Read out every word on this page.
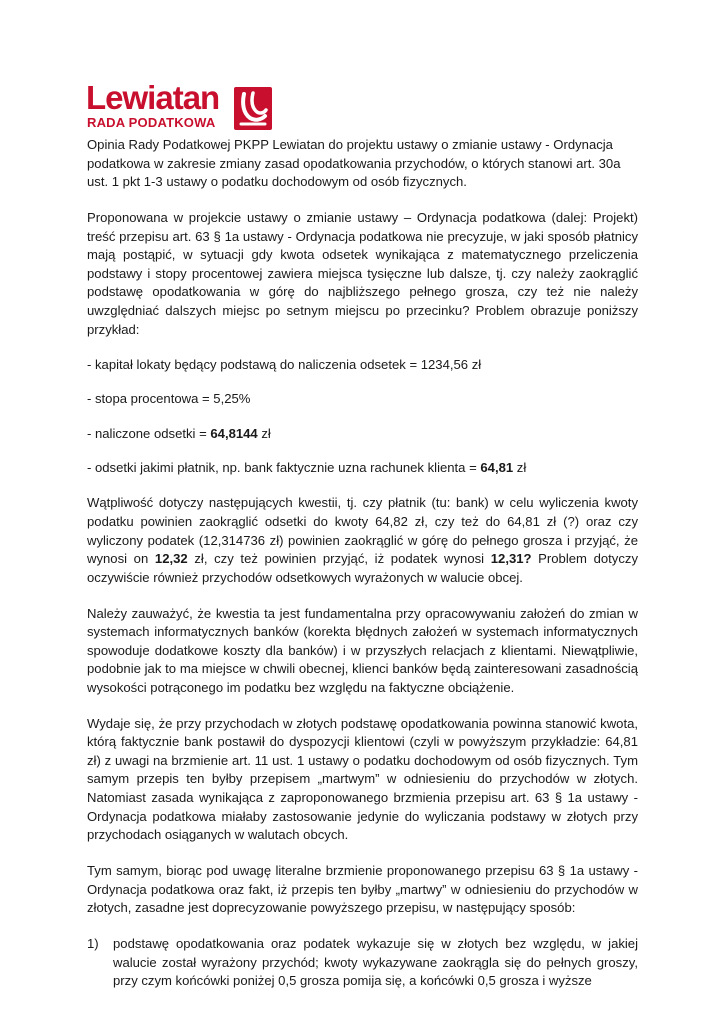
Lewiatan
RADA PODATKOWA

Opinia Rady Podatkowej PKPP Lewiatan do projektu ustawy o zmianie ustawy - Ordynacja podatkowa w zakresie zmiany zasad opodatkowania przychodów, o których stanowi art. 30a ust. 1 pkt 1-3 ustawy o podatku dochodowym od osób fizycznych.

Proponowana w projekcie ustawy o zmianie ustawy – Ordynacja podatkowa (dalej: Projekt) treść przepisu art. 63 § 1a ustawy - Ordynacja podatkowa nie precyzuje, w jaki sposób płatnicy mają postąpić, w sytuacji gdy kwota odsetek wynikająca z matematycznego przeliczenia podstawy i stopy procentowej zawiera miejsca tysięczne lub dalsze, tj. czy należy zaokrąglić podstawę opodatkowania w górę do najbliższego pełnego grosza, czy też nie należy uwzględniać dalszych miejsc po setnym miejscu po przecinku? Problem obrazuje poniższy przykład:

- kapitał lokaty będący podstawą do naliczenia odsetek = 1234,56 zł

- stopa procentowa = 5,25%

- naliczone odsetki = 64,8144 zł

- odsetki jakimi płatnik, np. bank faktycznie uzna rachunek klienta = 64,81 zł

Wątpliwość dotyczy następujących kwestii, tj. czy płatnik (tu: bank) w celu wyliczenia kwoty podatku powinien zaokrąglić odsetki do kwoty 64,82 zł, czy też do 64,81 zł (?) oraz czy wyliczony podatek (12,314736 zł) powinien zaokrąglić w górę do pełnego grosza i przyjąć, że wynosi on 12,32 zł, czy też powinien przyjąć, iż podatek wynosi 12,31? Problem dotyczy oczywiście również przychodów odsetkowych wyrażonych w walucie obcej.

Należy zauważyć, że kwestia ta jest fundamentalna przy opracowywaniu założeń do zmian w systemach informatycznych banków (korekta błędnych założeń w systemach informatycznych spowoduje dodatkowe koszty dla banków) i w przyszłych relacjach z klientami. Niewątpliwie, podobnie jak to ma miejsce w chwili obecnej, klienci banków będą zainteresowani zasadnością wysokości potrąconego im podatku bez względu na faktyczne obciążenie.

Wydaje się, że przy przychodach w złotych podstawę opodatkowania powinna stanowić kwota, którą faktycznie bank postawił do dyspozycji klientowi (czyli w powyższym przykładzie: 64,81 zł) z uwagi na brzmienie art. 11 ust. 1 ustawy o podatku dochodowym od osób fizycznych. Tym samym przepis ten byłby przepisem „martwym” w odniesieniu do przychodów w złotych. Natomiast zasada wynikająca z zaproponowanego brzmienia przepisu art. 63 § 1a ustawy - Ordynacja podatkowa miałaby zastosowanie jedynie do wyliczania podstawy w złotych przy przychodach osiąganych w walutach obcych.

Tym samym, biorąc pod uwagę literalne brzmienie proponowanego przepisu 63 § 1a ustawy - Ordynacja podatkowa oraz fakt, iż przepis ten byłby „martwy” w odniesieniu do przychodów w złotych, zasadne jest doprecyzowanie powyższego przepisu, w następujący sposób:

1) podstawę opodatkowania oraz podatek wykazuje się w złotych bez względu, w jakiej walucie został wyrażony przychód; kwoty wykazywane zaokrągla się do pełnych groszy, przy czym końcówki poniżej 0,5 grosza pomija się, a końcówki 0,5 grosza i wyższe
